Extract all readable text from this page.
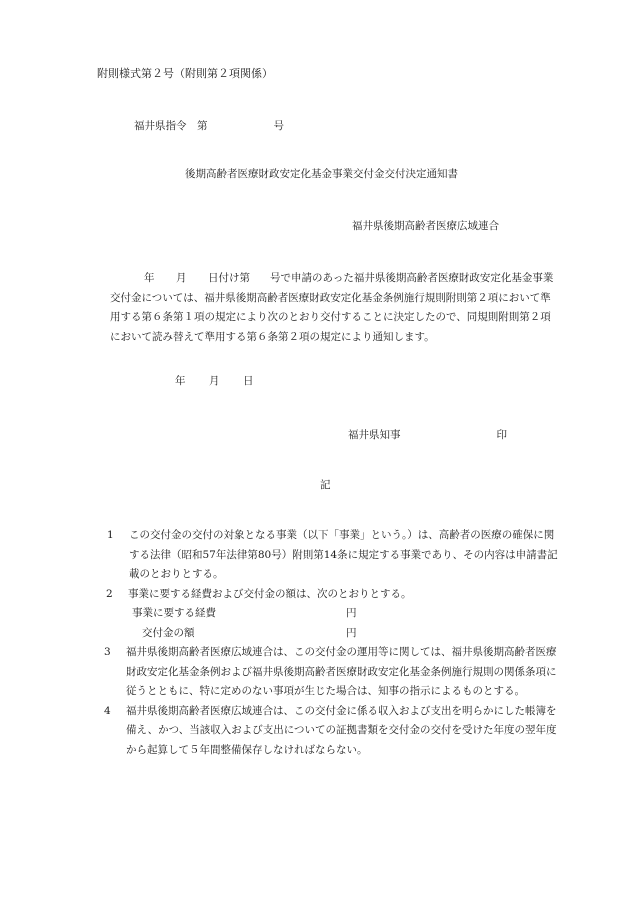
附則様式第２号（附則第２項関係）
福井県指令　第	号
後期高齢者医療財政安定化基金事業交付金交付決定通知書
福井県後期高齢者医療広域連合
年 月 日付け第 号で申請のあった福井県後期高齢者医療財政安定化基金事業交付金については、福井県後期高齢者医療財政安定化基金条例施行規則附則第２項において準用する第６条第１項の規定により次のとおり交付することに決定したので、同規則附則第２項において読み替えて準用する第６条第２項の規定により通知します。
年 月 日
福井県知事	印
記
1	この交付金の交付の対象となる事業（以下「事業」という。）は、高齢者の医療の確保に関する法律（昭和57年法律第80号）附則第14条に規定する事業であり、その内容は申請書記載のとおりとする。
2	事業に要する経費および交付金の額は、次のとおりとする。
事業に要する経費	円
交付金の額	円
3	福井県後期高齢者医療広域連合は、この交付金の運用等に関しては、福井県後期高齢者医療財政安定化基金条例および福井県後期高齢者医療財政安定化基金条例施行規則の関係条項に従うとともに、特に定めのない事項が生じた場合は、知事の指示によるものとする。
4	福井県後期高齢者医療広域連合は、この交付金に係る収入および支出を明らかにした帳簿を備え、かつ、当該収入および支出についての証拠書類を交付金の交付を受けた年度の翌年度から起算して５年間整備保存しなければならない。
